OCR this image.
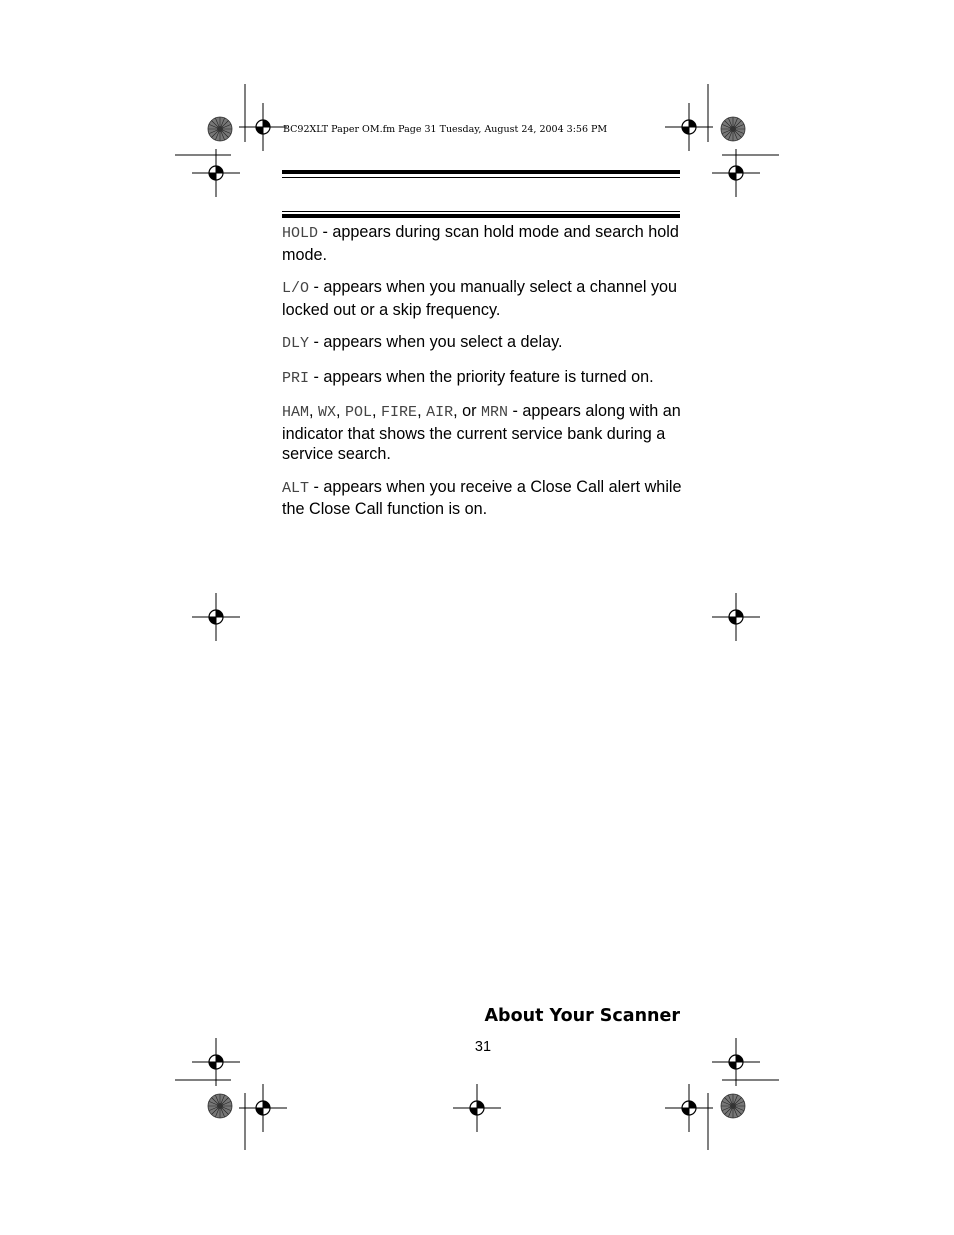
BC92XLT Paper OM.fm Page 31 Tuesday, August 24, 2004 3:56 PM

HOLD - appears during scan hold mode and search hold mode.

L/O - appears when you manually select a channel you locked out or a skip frequency.

DLY - appears when you select a delay.

PRI - appears when the priority feature is turned on.

HAM, WX, POL, FIRE, AIR, or MRN - appears along with an indicator that shows the current service bank during a service search.

ALT - appears when you receive a Close Call alert while the Close Call function is on.

About Your Scanner
31
